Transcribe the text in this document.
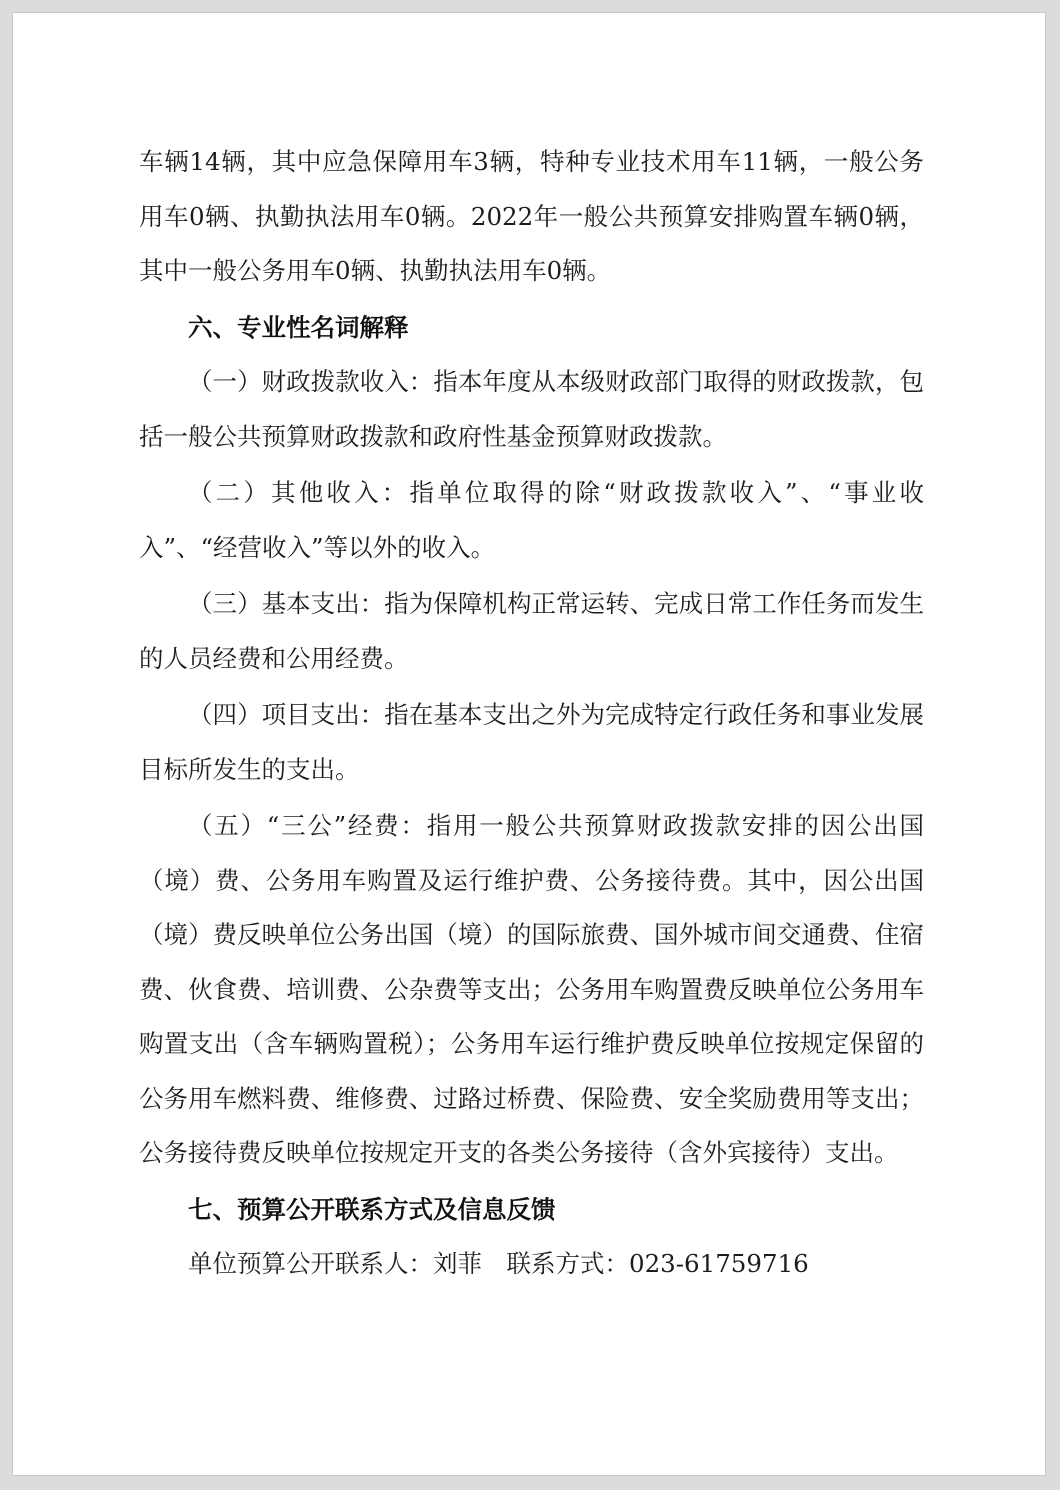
车辆14辆，其中应急保障用车3辆，特种专业技术用车11辆，一般公务用车0辆、执勤执法用车0辆。2022年一般公共预算安排购置车辆0辆，其中一般公务用车0辆、执勤执法用车0辆。

六、专业性名词解释

（一）财政拨款收入：指本年度从本级财政部门取得的财政拨款，包括一般公共预算财政拨款和政府性基金预算财政拨款。

（二）其他收入：指单位取得的除“财政拨款收入”、“事业收入”、“经营收入”等以外的收入。

（三）基本支出：指为保障机构正常运转、完成日常工作任务而发生的人员经费和公用经费。

（四）项目支出：指在基本支出之外为完成特定行政任务和事业发展目标所发生的支出。

（五）“三公”经费：指用一般公共预算财政拨款安排的因公出国（境）费、公务用车购置及运行维护费、公务接待费。其中，因公出国（境）费反映单位公务出国（境）的国际旅费、国外城市间交通费、住宿费、伙食费、培训费、公杂费等支出；公务用车购置费反映单位公务用车购置支出（含车辆购置税）；公务用车运行维护费反映单位按规定保留的公务用车燃料费、维修费、过路过桥费、保险费、安全奖励费用等支出；公务接待费反映单位按规定开支的各类公务接待（含外宾接待）支出。

七、预算公开联系方式及信息反馈

单位预算公开联系人：刘菲　联系方式：023-61759716
